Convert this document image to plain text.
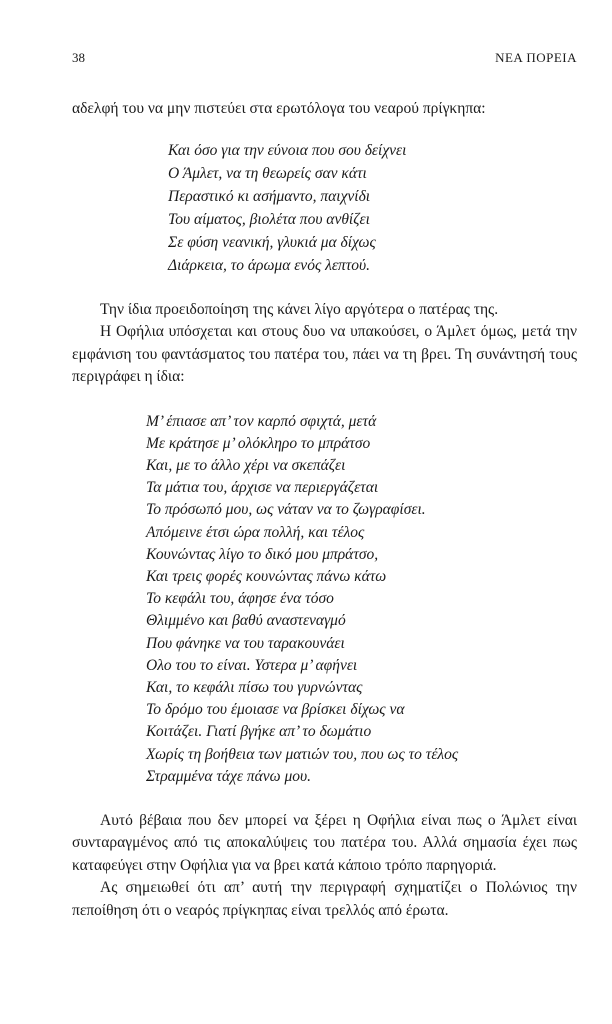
38	ΝΕΑ ΠΟΡΕΙΑ

αδελφή του να μην πιστεύει στα ερωτόλογα του νεαρού πρίγκηπα:

Και όσο για την εύνοια που σου δείχνει
Ο Άμλετ, να τη θεωρείς σαν κάτι
Περαστικό κι ασήμαντο, παιχνίδι
Του αίματος, βιολέτα που ανθίζει
Σε φύση νεανική, γλυκιά μα δίχως
Διάρκεια, το άρωμα ενός λεπτού.

Την ίδια προειδοποίηση της κάνει λίγο αργότερα ο πατέρας της.

Η Οφήλια υπόσχεται και στους δυο να υπακούσει, ο Άμλετ όμως, μετά την εμφάνιση του φαντάσματος του πατέρα του, πάει να τη βρει. Τη συνάντησή τους περιγράφει η ίδια:

Μ’ έπιασε απ’ τον καρπό σφιχτά, μετά
Με κράτησε μ’ ολόκληρο το μπράτσο
Και, με το άλλο χέρι να σκεπάζει
Τα μάτια του, άρχισε να περιεργάζεται
Το πρόσωπό μου, ως νάταν να το ζωγραφίσει.
Απόμεινε έτσι ώρα πολλή, και τέλος
Κουνώντας λίγο το δικό μου μπράτσο,
Και τρεις φορές κουνώντας πάνω κάτω
Το κεφάλι του, άφησε ένα τόσο
Θλιμμένο και βαθύ αναστεναγμό
Που φάνηκε να του ταρακουνάει
Ολο του το είναι. Υστερα μ’ αφήνει
Και, το κεφάλι πίσω του γυρνώντας
Το δρόμο του έμοιασε να βρίσκει δίχως να
Κοιτάζει. Γιατί βγήκε απ’ το δωμάτιο
Χωρίς τη βοήθεια των ματιών του, που ως το τέλος
Στραμμένα τάχε πάνω μου.

Αυτό βέβαια που δεν μπορεί να ξέρει η Οφήλια είναι πως ο Άμλετ είναι συνταραγμένος από τις αποκαλύψεις του πατέρα του. Αλλά σημασία έχει πως καταφεύγει στην Οφήλια για να βρει κατά κάποιο τρόπο παρηγοριά.

Ας σημειωθεί ότι απ’ αυτή την περιγραφή σχηματίζει ο Πολώνιος την πεποίθηση ότι ο νεαρός πρίγκηπας είναι τρελλός από έρωτα.
